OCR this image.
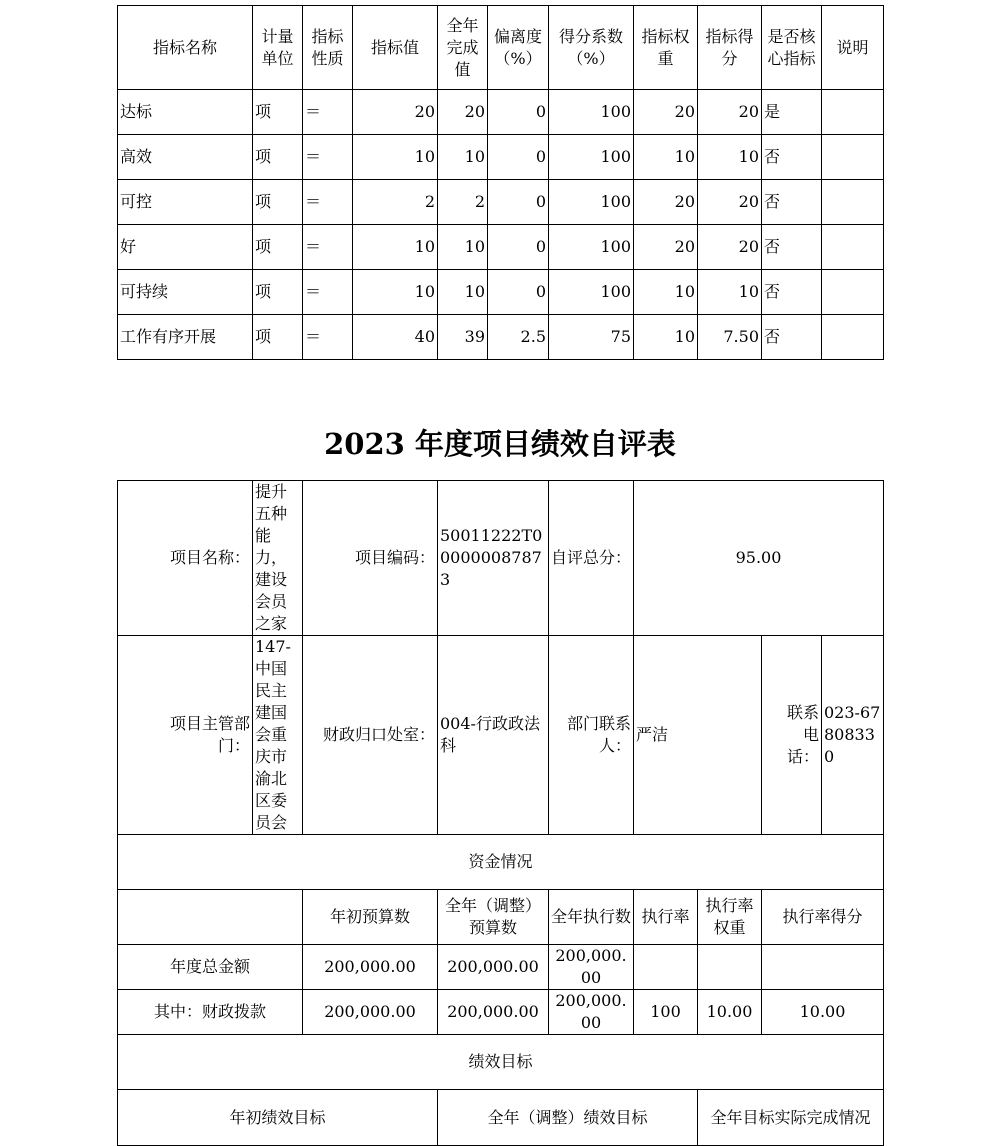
指标名称	计量单位	指标性质	指标值	全年完成值	偏离度（%）	得分系数（%）	指标权重	指标得分	是否核心指标	说明
达标	项	＝	20	20	0	100	20	20	是	
高效	项	＝	10	10	0	100	10	10	否	
可控	项	＝	2	2	0	100	20	20	否	
好	项	＝	10	10	0	100	20	20	否	
可持续	项	＝	10	10	0	100	10	10	否	
工作有序开展	项	＝	40	39	2.5	75	10	7.50	否	
2023 年度项目绩效自评表
项目名称：	提升五种能力，建设会员之家	项目编码：	50011222T000000087873	自评总分：	95.00			
项目主管部门：	147-中国民主建国会重庆市渝北区委员会	财政归口处室：	004-行政政法科	部门联系人：	严洁		联系电话：	023-67808330
资金情况								
		年初预算数	全年（调整）预算数	全年执行数	执行率	执行率权重	执行率得分	
年度总金额		200,000.00	200,000.00	200,000.00				
其中：财政拨款		200,000.00	200,000.00	200,000.00	100	10.00	10.00	
绩效目标								
年初绩效目标			全年（调整）绩效目标			全年目标实际完成情况		
